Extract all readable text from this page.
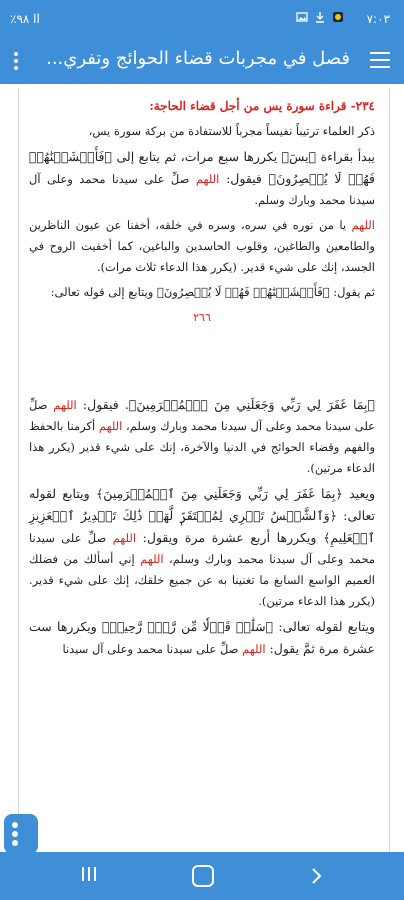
٪٩٨ ‌ll	٧:٠٣
فصل في مجربات قضاء الحوائج وتفري...
٢٣٤- قراءة سورة يس من أجل قضاء الحاجة:

ذكر العلماء ترتيباً نفيساً مجرباً للاستفادة من بركة سورة يس،

يبدأ بقراءة ﴿يسٓ﴾ يكررها سبع مرات، ثم يتابع إلى ﴿فَأَغۡشَيۡنَٰهُمۡ فَهُمۡ لَا يُبۡصِرُونَ﴾ فيقول: اللهم صلِّ على سيدنا محمد وعلى آل سيدنا محمد وبارك وسلم.

اللهم يا من نوره في سره، وسره في خلقه، أخفنا عن عيون الناظرين والطامعين والطاغين، وقلوب الحاسدين والباغين، كما أخفيت الروح في الجسد، إنك على شيء قدير. (يكرر هذا الدعاء ثلاث مرات).

ثم يقول: ﴿فَأَغۡشَيۡنَٰهُمۡ فَهُمۡ لَا يُبۡصِرُونَ﴾ ويتابع إلى قوله تعالى:

٢٦٦

﴿بِمَا غَفَرَ لِي رَبِّي وَجَعَلَنِي مِنَ ٱلۡمُكۡرَمِينَ﴾. فيقول: اللهم صلِّ على سيدنا محمد وعلى آل سيدنا محمد وبارك وسلم، اللهم أكرمنا بالحفظ والفهم وقضاء الحوائج في الدنيا والآخرة، إنك على شيء قدير (يكرر هذا الدعاء مرتين).

ويعيد ﴿بِمَا غَفَرَ لِي رَبِّي وَجَعَلَنِي مِنَ ٱلۡمُكۡرَمِينَ﴾ ويتابع لقوله تعالى: ﴿وَٱلشَّمۡسُ تَجۡرِي لِمُسۡتَقَرّٖ لَّهَاۚ ذَٰلِكَ تَقۡدِيرُ ٱلۡعَزِيزِ ٱلۡعَلِيمِ﴾ ويكررها أربع عشرة مرة ويقول: اللهم صلِّ على سيدنا محمد وعلى آل سيدنا محمد وبارك وسلم، اللهم إني أسألك من فضلك العميم الواسع السابغ ما تغنينا به عن جميع خلقك، إنك على شيء قدير. (يكرر هذا الدعاء مرتين).

ويتابع لقوله تعالى: ﴿سَلَٰمٞ قَوۡلٗا مِّن رَّبّٖ رَّحِيمٖ﴾ ويكررها ست عشرة مرة ثمَّ يقول: اللهم صلِّ على سيدنا محمد وعلى آل سيدنا
